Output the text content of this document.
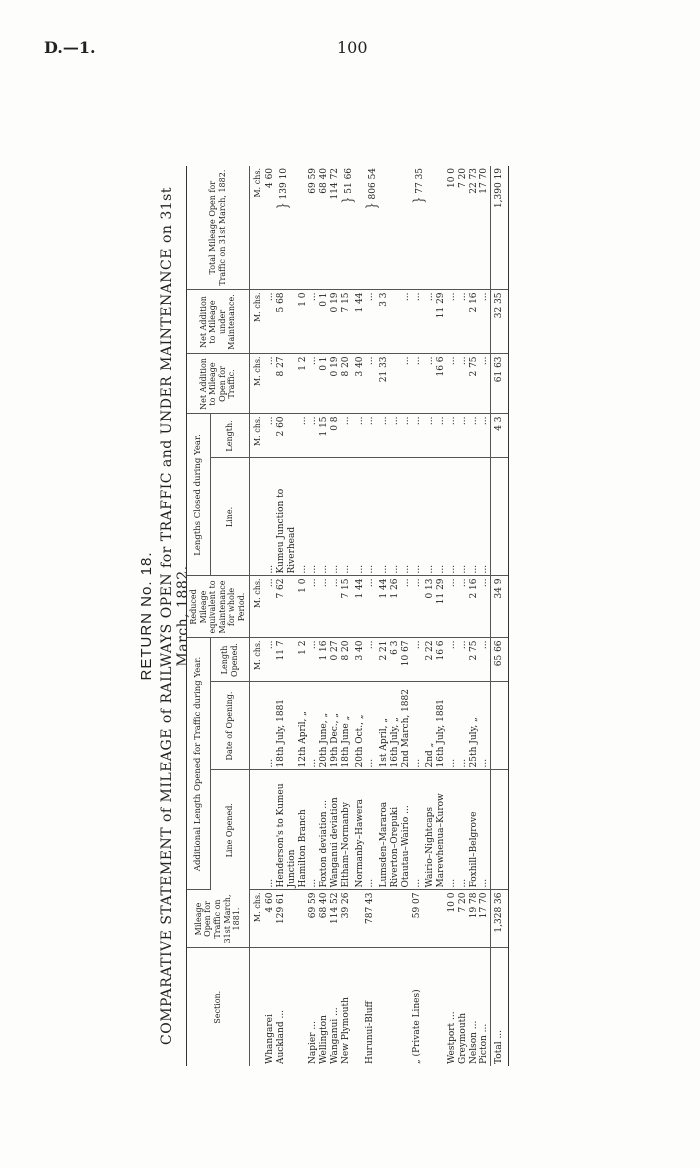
D.—1.	100
RETURN No. 18. COMPARATIVE STATEMENT of MILEAGE of RAILWAYS OPEN for TRAFFIC and UNDER MAINTENANCE on 31st March, 1882.
Section.	Mileage Open for Traffic on 31st March, 1881.	Additional Length Opened for Traffic during Year.			Reduced Mileage equivalent to Maintenance for whole Period.	Lengths Closed during Year.		Net Addition to Mileage Open for Traffic.	Net Addition to Mileage under Maintenance.	Total Mileage Open for Traffic on 31st March, 1882.
		Line Opened.	Date of Opening.	Length Opened.		Line.	Length.			
	M. chs.			M. chs.	M. chs.		M. chs.	M. chs.	M. chs.	M. chs.
Whangarei	4 60	...	...	...	...	...	...	...	...	4 60
Auckland ...	129 61	Henderson's to Kumeu Junction	18th July, 1881	11 7	7 62	Kumeu Junction to Riverhead	2 60	8 27	5 68	} 139 10
		Hamilton Branch	12th April, „	1 2	1 0	...	...	1 2	1 0	
Napier ...	69 59	...	...	...	...	...	...	...	...	69 59
Wellington	68 40	Foxton deviation ...	20th June, „	1 16	...	...	1 15	0 1	0 1	68 40
Wanganui ...	114 52	Wanganui deviation	19th Dec., „	0 27	...	...	0 8	0 19	0 19	114 72
New Plymouth	39 26	Eltham–Normanby	18th June „	8 20	7 15	...	...	8 20	7 15	} 51 66
		Normanby–Hawera	20th Oct., „	3 40	1 44	...	...	3 40	1 44	
Hurunui-Bluff	787 43	...	...	...	...	...	...	...	...	} 806 54
		Lumsden–Mararoa	1st April, „	2 21	1 44	...	...	21 33	3 3	
		Riverton–Orepuki	16th July, „	6 3	1 26	...	...			
		Otautau–Wairio ...	2nd March, 1882	10 67	...	...	...	...	...	
„ (Private Lines)	59 07	...	...	...	...	...	...	...	...	} 77 35
		Wairio–Nightcaps	2nd „	2 22	0 13	...	...	...	...	
		Marewhenua–Kurow	16th July, 1881	16 6	11 29	...	...	16 6	11 29	
Westport ...	10 0	...	...	...	...	...	...	...	...	10 0
Greymouth	7 20	...	...	...	...	...	...	...	...	7 20
Nelson ...	19 78	Foxhill–Belgrove	25th July, „	2 75	2 16	...	...	2 75	2 16	22 73
Picton ...	17 70	...	...	...	...	...	...	...	...	17 70
Total ...	1,328 36			65 66	34 9		4 3	61 63	32 35	1,390 19
